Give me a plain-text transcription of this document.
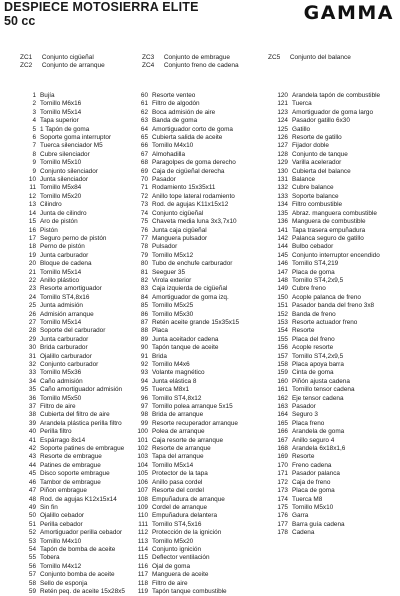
DESPIECE MOTOSIERRA ELITE
50 cc	GAMMA
ZC1 Conjunto cigüeñal
ZC2 Conjunto de arranque
ZC3 Conjunto de embrague
ZC4 Conjunto freno de cadena
ZC5 Conjunto del balance
1 Bujía
2 Tornillo M6x16
3 Tornillo M5x14
4 Tapa superior
5 1 Tapón de goma
6 Soporte goma interruptor
7 Tuerca silenciador M5
8 Cubre silenciador
9 Tornillo M5x10
9 Conjunto silenciador
10 Junta silenciador
11 Tornillo M5x84
12 Tornillo M5x20
13 Cilindro
14 Junta de cilindro
15 Aro de pistón
16 Pistón
17 Seguro perno de pistón
18 Perno de pistón
19 Junta carburador
20 Bloque de cadena
21 Tornillo M5x14
22 Anillo plástico
23 Resorte amortiguador
24 Tornillo ST4,8x16
25 Junta admisión
26 Admisión arranque
27 Tornillo M5x14
28 Soporte del carburador
29 Junta carburador
30 Brida carburador
31 Ojalillo carburador
32 Conjunto carburador
33 Tornillo M5x36
34 Caño admisión
35 Caño amortiguador admisión
36 Tornillo M5x50
37 Filtro de aire
38 Cubierta del filtro de aire
39 Arandela plástica perilla filtro
40 Perilla filtro
41 Espárrago 8x14
42 Soporte patines de embrague
43 Resorte de embrague
44 Patines de embrague
45 Disco soporte embrague
46 Tambor de embrague
47 Piñon embrague
48 Rod. de agujas K12x15x14
49 Sin fin
50 Ojalillo cebador
51 Perilla cebador
52 Amortiguador perilla cebador
53 Tornillo M4x10
54 Tapón de bomba de aceite
55 Tobera
56 Tornillo M4x12
57 Conjunto bomba de aceite
58 Sello de esponja
59 Retén peq. de aceite 15x28x5
60 Resorte venteo
61 Filtro de algodón
62 Boca admisión de aire
63 Banda de goma
64 Amortiguador corto de goma
65 Cubierta salida de aceite
66 Tornillo M4x10
67 Almohadilla
68 Paragolpes de goma derecho
69 Caja de cigüeñal derecha
70 Pasador
71 Rodamiento 15x35x11
72 Anillo tope lateral rodamiento
73 Rod. de agujas K11x15x12
74 Conjunto cigüeñal
75 Chaveta media luna 3x3,7x10
76 Junta caja cigüeñal
77 Manguera pulsador
78 Pulsador
79 Tornillo M5x12
80 Tubo de enchufe carburador
81 Seeguer 35
82 Virola exterior
83 Caja izquierda de cigüeñal
84 Amortiguador de goma izq.
85 Tornillo M5x25
86 Tornillo M5x30
87 Retén aceite grande 15x35x15
88 Placa
89 Junta aceitador cadena
90 Tapón tanque de aceite
91 Brida
92 Tornillo M4x6
93 Volante magnético
94 Junta elástica 8
95 Tuerca M8x1
96 Tornillo ST4,8x12
97 Tornillo polea arranque 5x15
98 Brida de arranque
99 Resorte recuperador arranque
100 Polea de arranque
101 Caja resorte de arranque
102 Resorte de arranque
103 Tapa del arranque
104 Tornillo M5x14
105 Protector de la tapa
106 Anillo pasa cordel
107 Resorte del cordel
108 Empuñadura de arranque
109 Cordel de arranque
110 Empuñadura delantera
111 Tornillo ST4,5x16
112 Protección de la ignición
113 Tornillo M5x20
114 Conjunto ignición
115 Deflector ventilación
116 Ojal de goma
117 Manguera de aceite
118 Filtro de aire
119 Tapón tanque combustible
120 Arandela tapón de combustible
121 Tuerca
123 Amortiguador de goma largo
124 Pasador gatillo 6x30
125 Gatillo
126 Resorte de gatillo
127 Fijador doble
128 Conjunto de tanque
129 Varilla acelerador
130 Cubierta del balance
131 Balance
132 Cubre balance
133 Soporte balance
134 Filtro combustible
135 Abraz. manguera combustible
136 Manguera de combustible
141 Tapa trasera empuñadura
142 Palanca seguro de gatillo
144 Bulbo cebador
145 Conjunto interruptor encendido
146 Tornillo ST4,219
147 Placa de goma
148 Tornillo ST4,2x9,5
149 Cubre freno
150 Acople palanca de freno
151 Pasador banda del freno 3x8
152 Banda de freno
153 Resorte actuador freno
154 Resorte
155 Placa del freno
156 Acople resorte
157 Tornillo ST4,2x9,5
158 Placa apoya barra
159 Cinta de goma
160 Piñón ajusta cadena
161 Tornillo tensor cadena
162 Eje tensor cadena
163 Pasador
164 Seguro 3
165 Placa freno
166 Arandela de goma
167 Anillo seguro 4
168 Arandela 6x18x1,6
169 Resorte
170 Freno cadena
171 Pasador palanca
172 Caja de freno
173 Placa de goma
174 Tuerca M8
175 Tornillo M5x10
176 Garra
177 Barra guía cadena
178 Cadena
